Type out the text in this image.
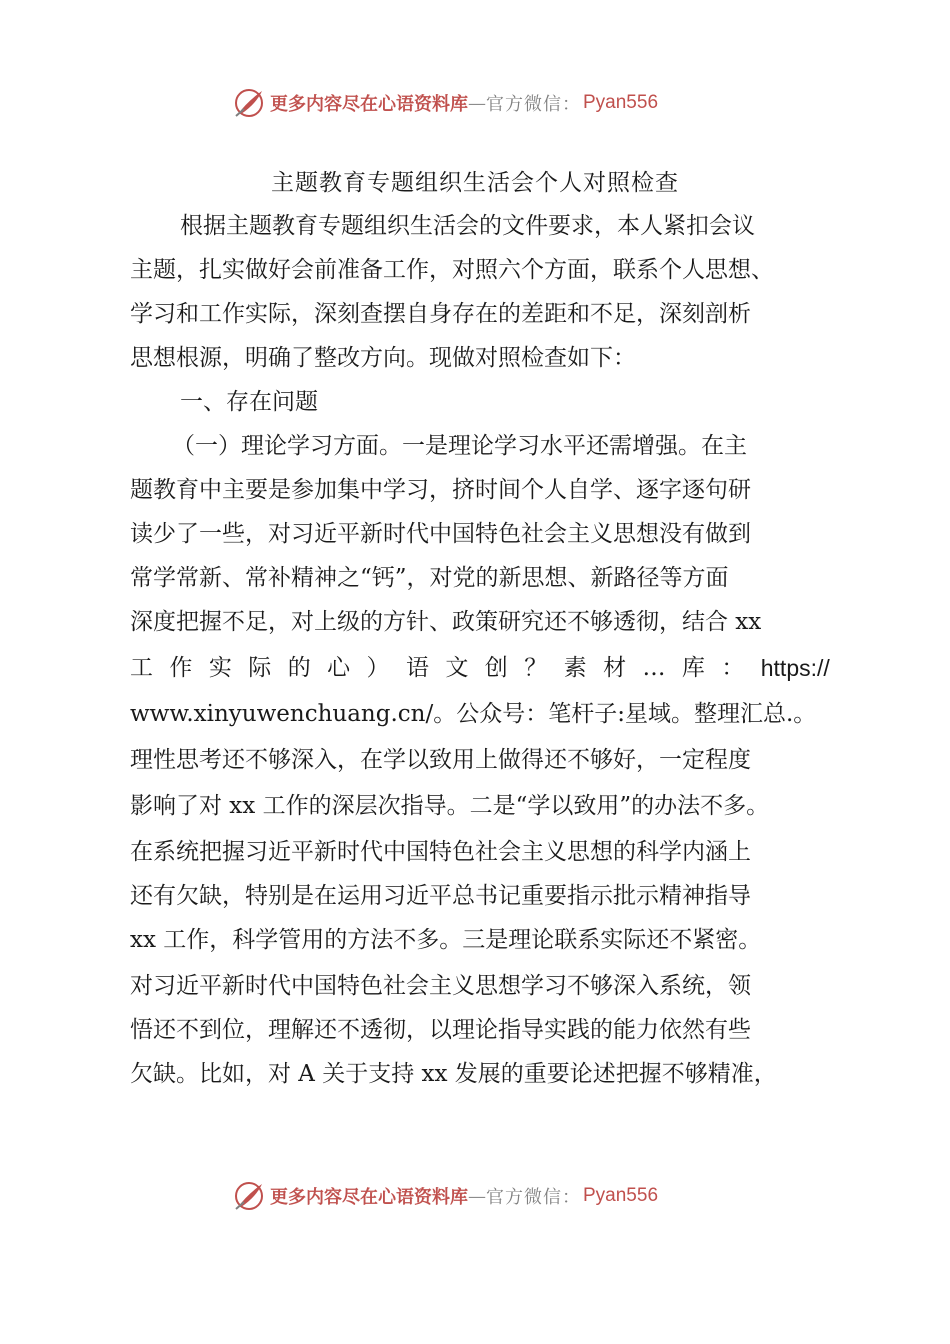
更多内容尽在心语资料库 — 官方微信： Pyan556
主题教育专题组织生活会个人对照检查
根据主题教育专题组织生活会的文件要求，本人紧扣会议
主题，扎实做好会前准备工作，对照六个方面，联系个人思想、
学习和工作实际，深刻查摆自身存在的差距和不足，深刻剖析
思想根源，明确了整改方向。现做对照检查如下：
一、存在问题
（一）理论学习方面。一是理论学习水平还需增强。在主
题教育中主要是参加集中学习，挤时间个人自学、逐字逐句研
读少了一些，对习近平新时代中国特色社会主义思想没有做到
常学常新、常补精神之“钙”，对党的新思想、新路径等方面
深度把握不足，对上级的方针、政策研究还不够透彻，结合 xx
工 作 实 际 的 心 ） 语 文 创 ？ 素 材 … 库 ： https://
www.xinyuwenchuang.cn/。公众号：笔杆子:星域。整理汇总.。
理性思考还不够深入，在学以致用上做得还不够好，一定程度
影响了对 xx 工作的深层次指导。二是“学以致用”的办法不多。
在系统把握习近平新时代中国特色社会主义思想的科学内涵上
还有欠缺，特别是在运用习近平总书记重要指示批示精神指导
xx 工作，科学管用的方法不多。三是理论联系实际还不紧密。
对习近平新时代中国特色社会主义思想学习不够深入系统，领
悟还不到位，理解还不透彻，以理论指导实践的能力依然有些
欠缺。比如，对 A 关于支持 xx 发展的重要论述把握不够精准，
更多内容尽在心语资料库 — 官方微信： Pyan556
